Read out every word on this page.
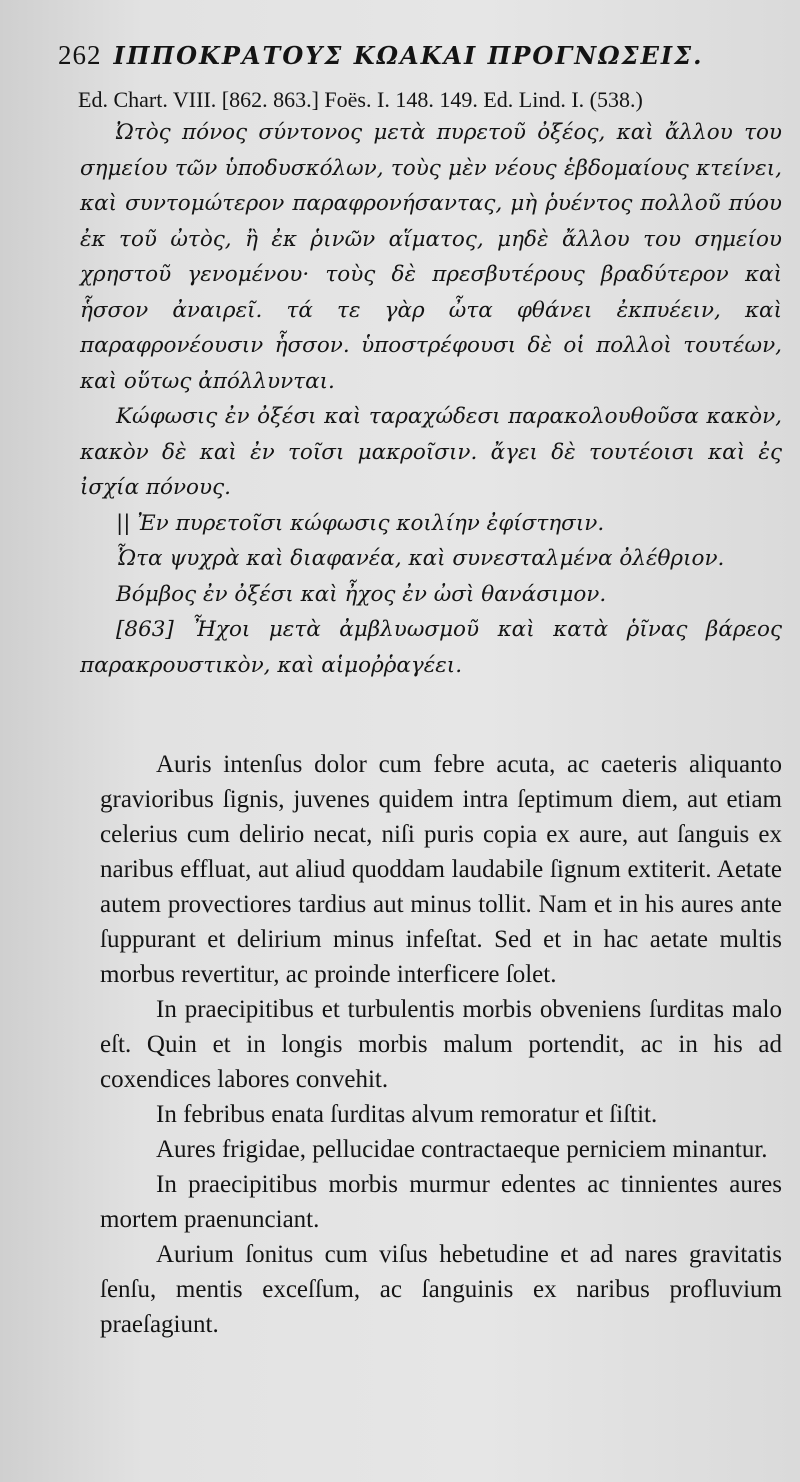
262 ΙΠΠΟΚΡΑΤΟΥΣ ΚΩΑΚΑΙ ΠΡΟΓΝΩΣΕΙΣ.
Ed. Chart. VIII. [862. 863.] Foës. I. 148. 149. Ed. Lind. I. (538.)

Ὠτὸς πόνος σύντονος μετὰ πυρετοῦ ὀξέος, καὶ ἄλλου του σημείου τῶν ὑποδυσκόλων, τοὺς μὲν νέους ἑβδομαίους κτείνει, καὶ συντομώτερον παραφρονήσαντας, μὴ ῥυέντος πολλοῦ πύου ἐκ τοῦ ὠτὸς, ἢ ἐκ ῥινῶν αἵματος, μηδὲ ἄλλου του σημείου χρηστοῦ γενομένου· τοὺς δὲ πρεσβυτέρους βραδύτερον καὶ ἧσσον ἀναιρεῖ. τά τε γὰρ ὦτα φθάνει ἐκπυέειν, καὶ παραφρονέουσιν ἧσσον. ὑποστρέφουσι δὲ οἱ πολλοὶ τουτέων, καὶ οὕτως ἀπόλλυνται.

Κώφωσις ἐν ὀξέσι καὶ ταραχώδεσι παρακολουθοῦσα κακὸν, κακὸν δὲ καὶ ἐν τοῖσι μακροῖσιν. ἄγει δὲ τουτέοισι καὶ ἐς ἰσχία πόνους.

|| Ἐν πυρετοῖσι κώφωσις κοιλίην ἐφίστησιν.

Ὦτα ψυχρὰ καὶ διαφανέα, καὶ συνεσταλμένα ὀλέθριον.

Βόμβος ἐν ὀξέσι καὶ ἦχος ἐν ὠσὶ θανάσιμον.

[863] Ἦχοι μετὰ ἀμβλυωσμοῦ καὶ κατὰ ῥῖνας βάρεος παρακρουστικὸν, καὶ αἱμοῤῥαγέει.

Auris intenſus dolor cum febre acuta, ac caeteris aliquanto gravioribus ſignis, juvenes quidem intra ſeptimum diem, aut etiam celerius cum delirio necat, niſi puris copia ex aure, aut ſanguis ex naribus effluat, aut aliud quoddam laudabile ſignum extiterit. Aetate autem provectiores tardius aut minus tollit. Nam et in his aures ante ſuppurant et delirium minus infeſtat. Sed et in hac aetate multis morbus revertitur, ac proinde interficere ſolet.

In praecipitibus et turbulentis morbis obveniens ſurditas malo eſt. Quin et in longis morbis malum portendit, ac in his ad coxendices labores convehit.

In febribus enata ſurditas alvum remoratur et ſiſtit.

Aures frigidae, pellucidae contractaeque perniciem minantur.

In praecipitibus morbis murmur edentes ac tinnientes aures mortem praenunciant.

Aurium ſonitus cum viſus hebetudine et ad nares gravitatis ſenſu, mentis exceſſum, ac ſanguinis ex naribus profluvium praeſagiunt.
